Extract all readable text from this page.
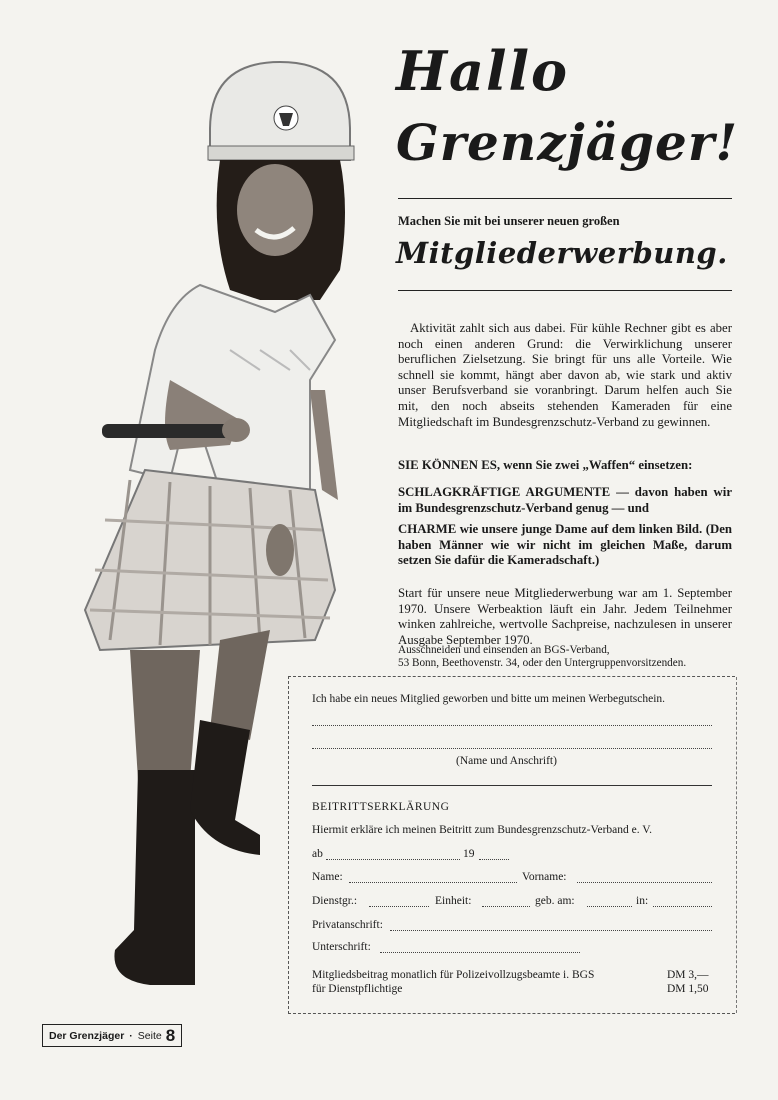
Hallo
Grenzjäger!
Machen Sie mit bei unserer neuen großen
Mitgliederwerbung.

Aktivität zahlt sich aus dabei. Für kühle Rechner gibt es aber noch einen anderen Grund: die Verwirklichung unserer beruflichen Zielsetzung. Sie bringt für uns alle Vorteile. Wie schnell sie kommt, hängt aber davon ab, wie stark und aktiv unser Berufsverband sie voranbringt. Darum helfen auch Sie mit, den noch abseits stehenden Kameraden für eine Mitgliedschaft im Bundesgrenzschutz-Verband zu gewinnen.

SIE KÖNNEN ES, wenn Sie zwei „Waffen“ einsetzen:

SCHLAGKRÄFTIGE ARGUMENTE — davon haben wir im Bundesgrenzschutz-Verband genug — und

CHARME wie unsere junge Dame auf dem linken Bild. (Den haben Männer wie wir nicht im gleichen Maße, darum setzen Sie dafür die Kameradschaft.)

Start für unsere neue Mitgliederwerbung war am 1. September 1970. Unsere Werbeaktion läuft ein Jahr. Jedem Teilnehmer winken zahlreiche, wertvolle Sachpreise, nachzulesen in unserer Ausgabe September 1970.

Ausschneiden und einsenden an BGS-Verband,

53 Bonn, Beethovenstr. 34, oder den Untergruppenvorsitzenden.

Ich habe ein neues Mitglied geworben und bitte um meinen Werbegutschein.
(Name und Anschrift)
BEITRITTSERKLÄRUNG
Hiermit erkläre ich meinen Beitritt zum Bundesgrenzschutz-Verband e. V.
ab	19
Name:	Vorname:
Dienstgr.:	Einheit:	geb. am:	in:
Privatanschrift:
Unterschrift:
Mitgliedsbeitrag monatlich für Polizeivollzugsbeamte i. BGS	DM 3,—
für Dienstpflichtige	DM 1,50
Der Grenzjäger · Seite 8
